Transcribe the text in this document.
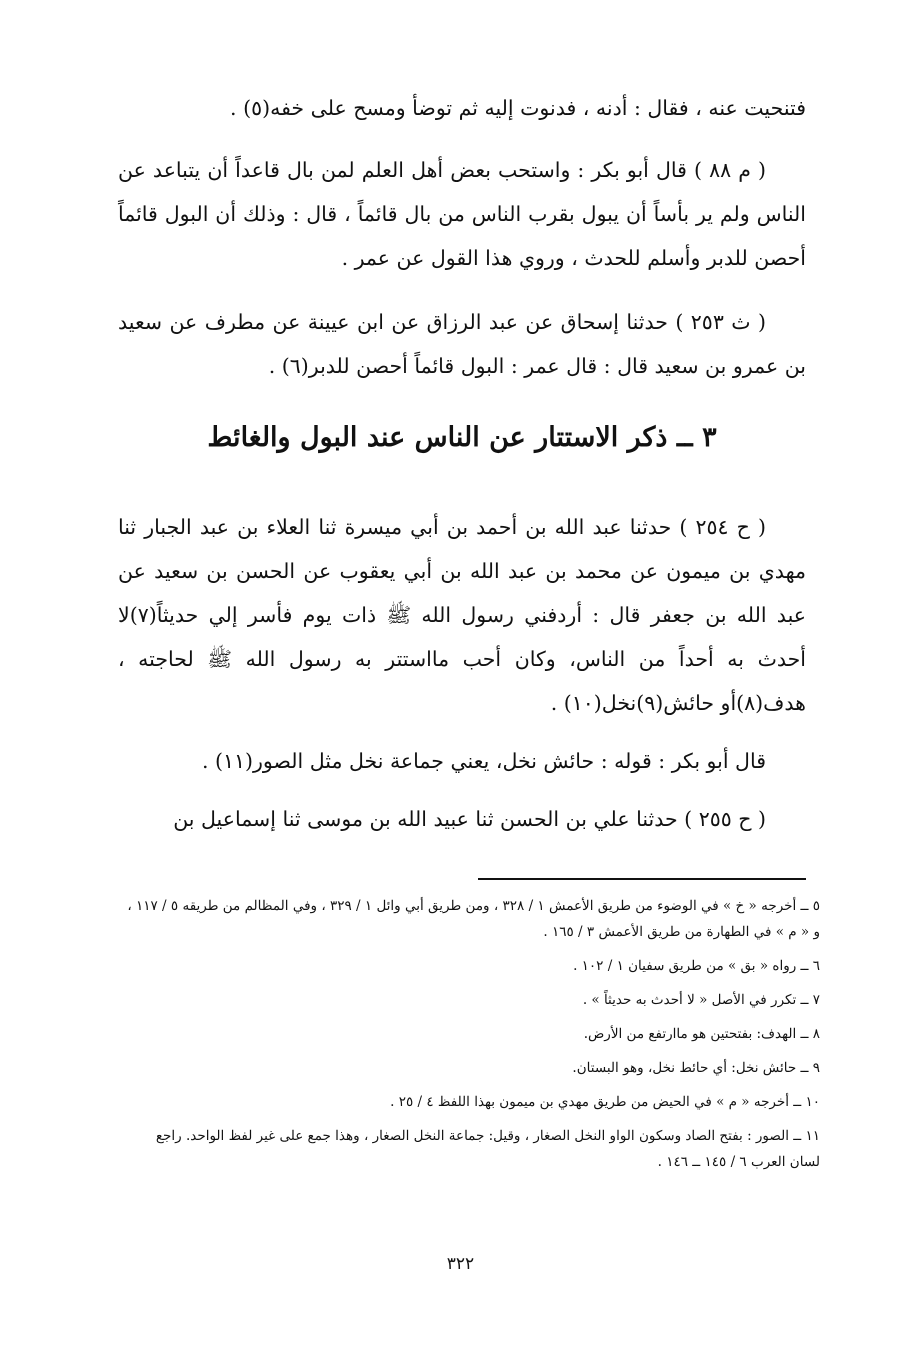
فتنحيت عنه ، فقال : أدنه ، فدنوت إليه ثم توضأ ومسح على خفه(٥) .

( م ٨٨ ) قال أبو بكر : واستحب بعض أهل العلم لمن بال قاعداً أن يتباعد عن الناس ولم ير بأساً أن يبول بقرب الناس من بال قائماً ، قال : وذلك أن البول قائماً أحصن للدبر وأسلم للحدث ، وروي هذا القول عن عمر .

( ث ٢٥٣ ) حدثنا إسحاق عن عبد الرزاق عن ابن عيينة عن مطرف عن سعيد بن عمرو بن سعيد قال : قال عمر : البول قائماً أحصن للدبر(٦) .

٣ ــ ذكر الاستتار عن الناس عند البول والغائط

( ح ٢٥٤ ) حدثنا عبد الله بن أحمد بن أبي ميسرة ثنا العلاء بن عبد الجبار ثنا مهدي بن ميمون عن محمد بن عبد الله بن أبي يعقوب عن الحسن بن سعيد عن عبد الله بن جعفر قال : أردفني رسول الله ﷺ ذات يوم فأسر إلي حديثاً(٧)لا أحدث به أحداً من الناس، وكان أحب مااستتر به رسول الله ﷺ لحاجته ، هدف(٨)أو حائش(٩)نخل(١٠) .

قال أبو بكر : قوله : حائش نخل، يعني جماعة نخل مثل الصور(١١) .

( ح ٢٥٥ ) حدثنا علي بن الحسن ثنا عبيد الله بن موسى ثنا إسماعيل بن

٥ ــ أخرجه « خ » في الوضوء من طريق الأعمش ١ / ٣٢٨ ، ومن طريق أبي وائل ١ / ٣٢٩ ، وفي المظالم من طريقه ٥ / ١١٧ ، و « م » في الطهارة من طريق الأعمش ٣ / ١٦٥ .

٦ ــ رواه « بق » من طريق سفيان ١ / ١٠٢ .

٧ ــ تكرر في الأصل « لا أحدث به حديثاً » .

٨ ــ الهدف: بفتحتين هو ماارتفع من الأرض.

٩ ــ حائش نخل: أي حائط نخل، وهو البستان.

١٠ ــ أخرجه « م » في الحيض من طريق مهدي بن ميمون بهذا اللفظ ٤ / ٢٥ .

١١ ــ الصور : بفتح الصاد وسكون الواو النخل الصغار ، وقيل: جماعة النخل الصغار ، وهذا جمع على غير لفظ الواحد. راجع لسان العرب ٦ / ١٤٥ ــ ١٤٦ .

٣٢٢
